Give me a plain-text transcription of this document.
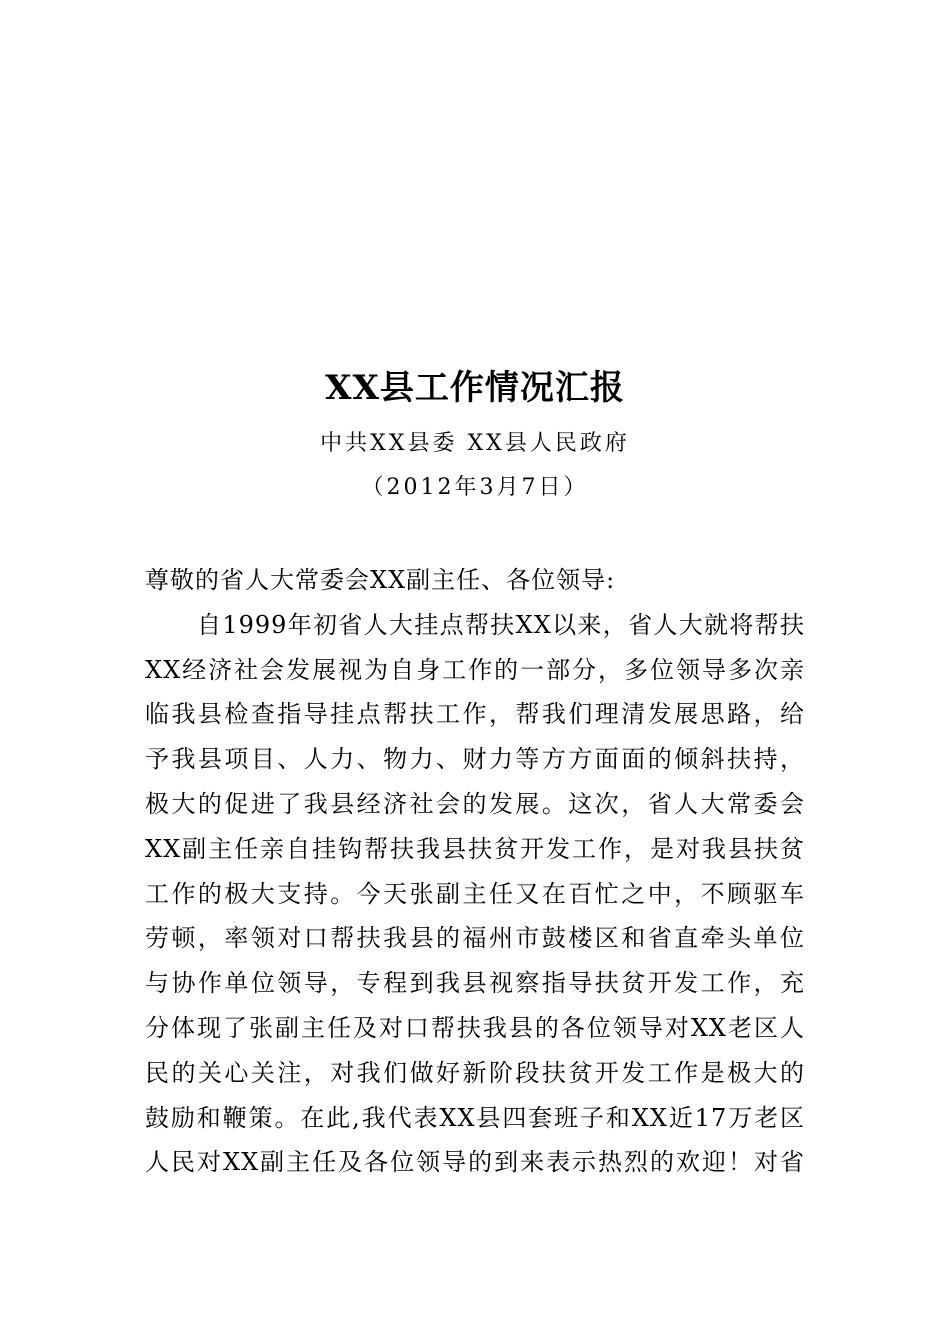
XX县工作情况汇报
中共XX县委 XX县人民政府
（2012年3月7日）
尊敬的省人大常委会XX副主任、各位领导:
自1999年初省人大挂点帮扶XX以来，省人大就将帮扶
XX经济社会发展视为自身工作的一部分，多位领导多次亲
临我县检查指导挂点帮扶工作，帮我们理清发展思路，给
予我县项目、人力、物力、财力等方方面面的倾斜扶持，
极大的促进了我县经济社会的发展。这次，省人大常委会
XX副主任亲自挂钩帮扶我县扶贫开发工作，是对我县扶贫
工作的极大支持。今天张副主任又在百忙之中，不顾驱车
劳顿，率领对口帮扶我县的福州市鼓楼区和省直牵头单位
与协作单位领导，专程到我县视察指导扶贫开发工作，充
分体现了张副主任及对口帮扶我县的各位领导对XX老区人
民的关心关注，对我们做好新阶段扶贫开发工作是极大的
鼓励和鞭策。在此,我代表XX县四套班子和XX近17万老区
人民对XX副主任及各位领导的到来表示热烈的欢迎！对省
